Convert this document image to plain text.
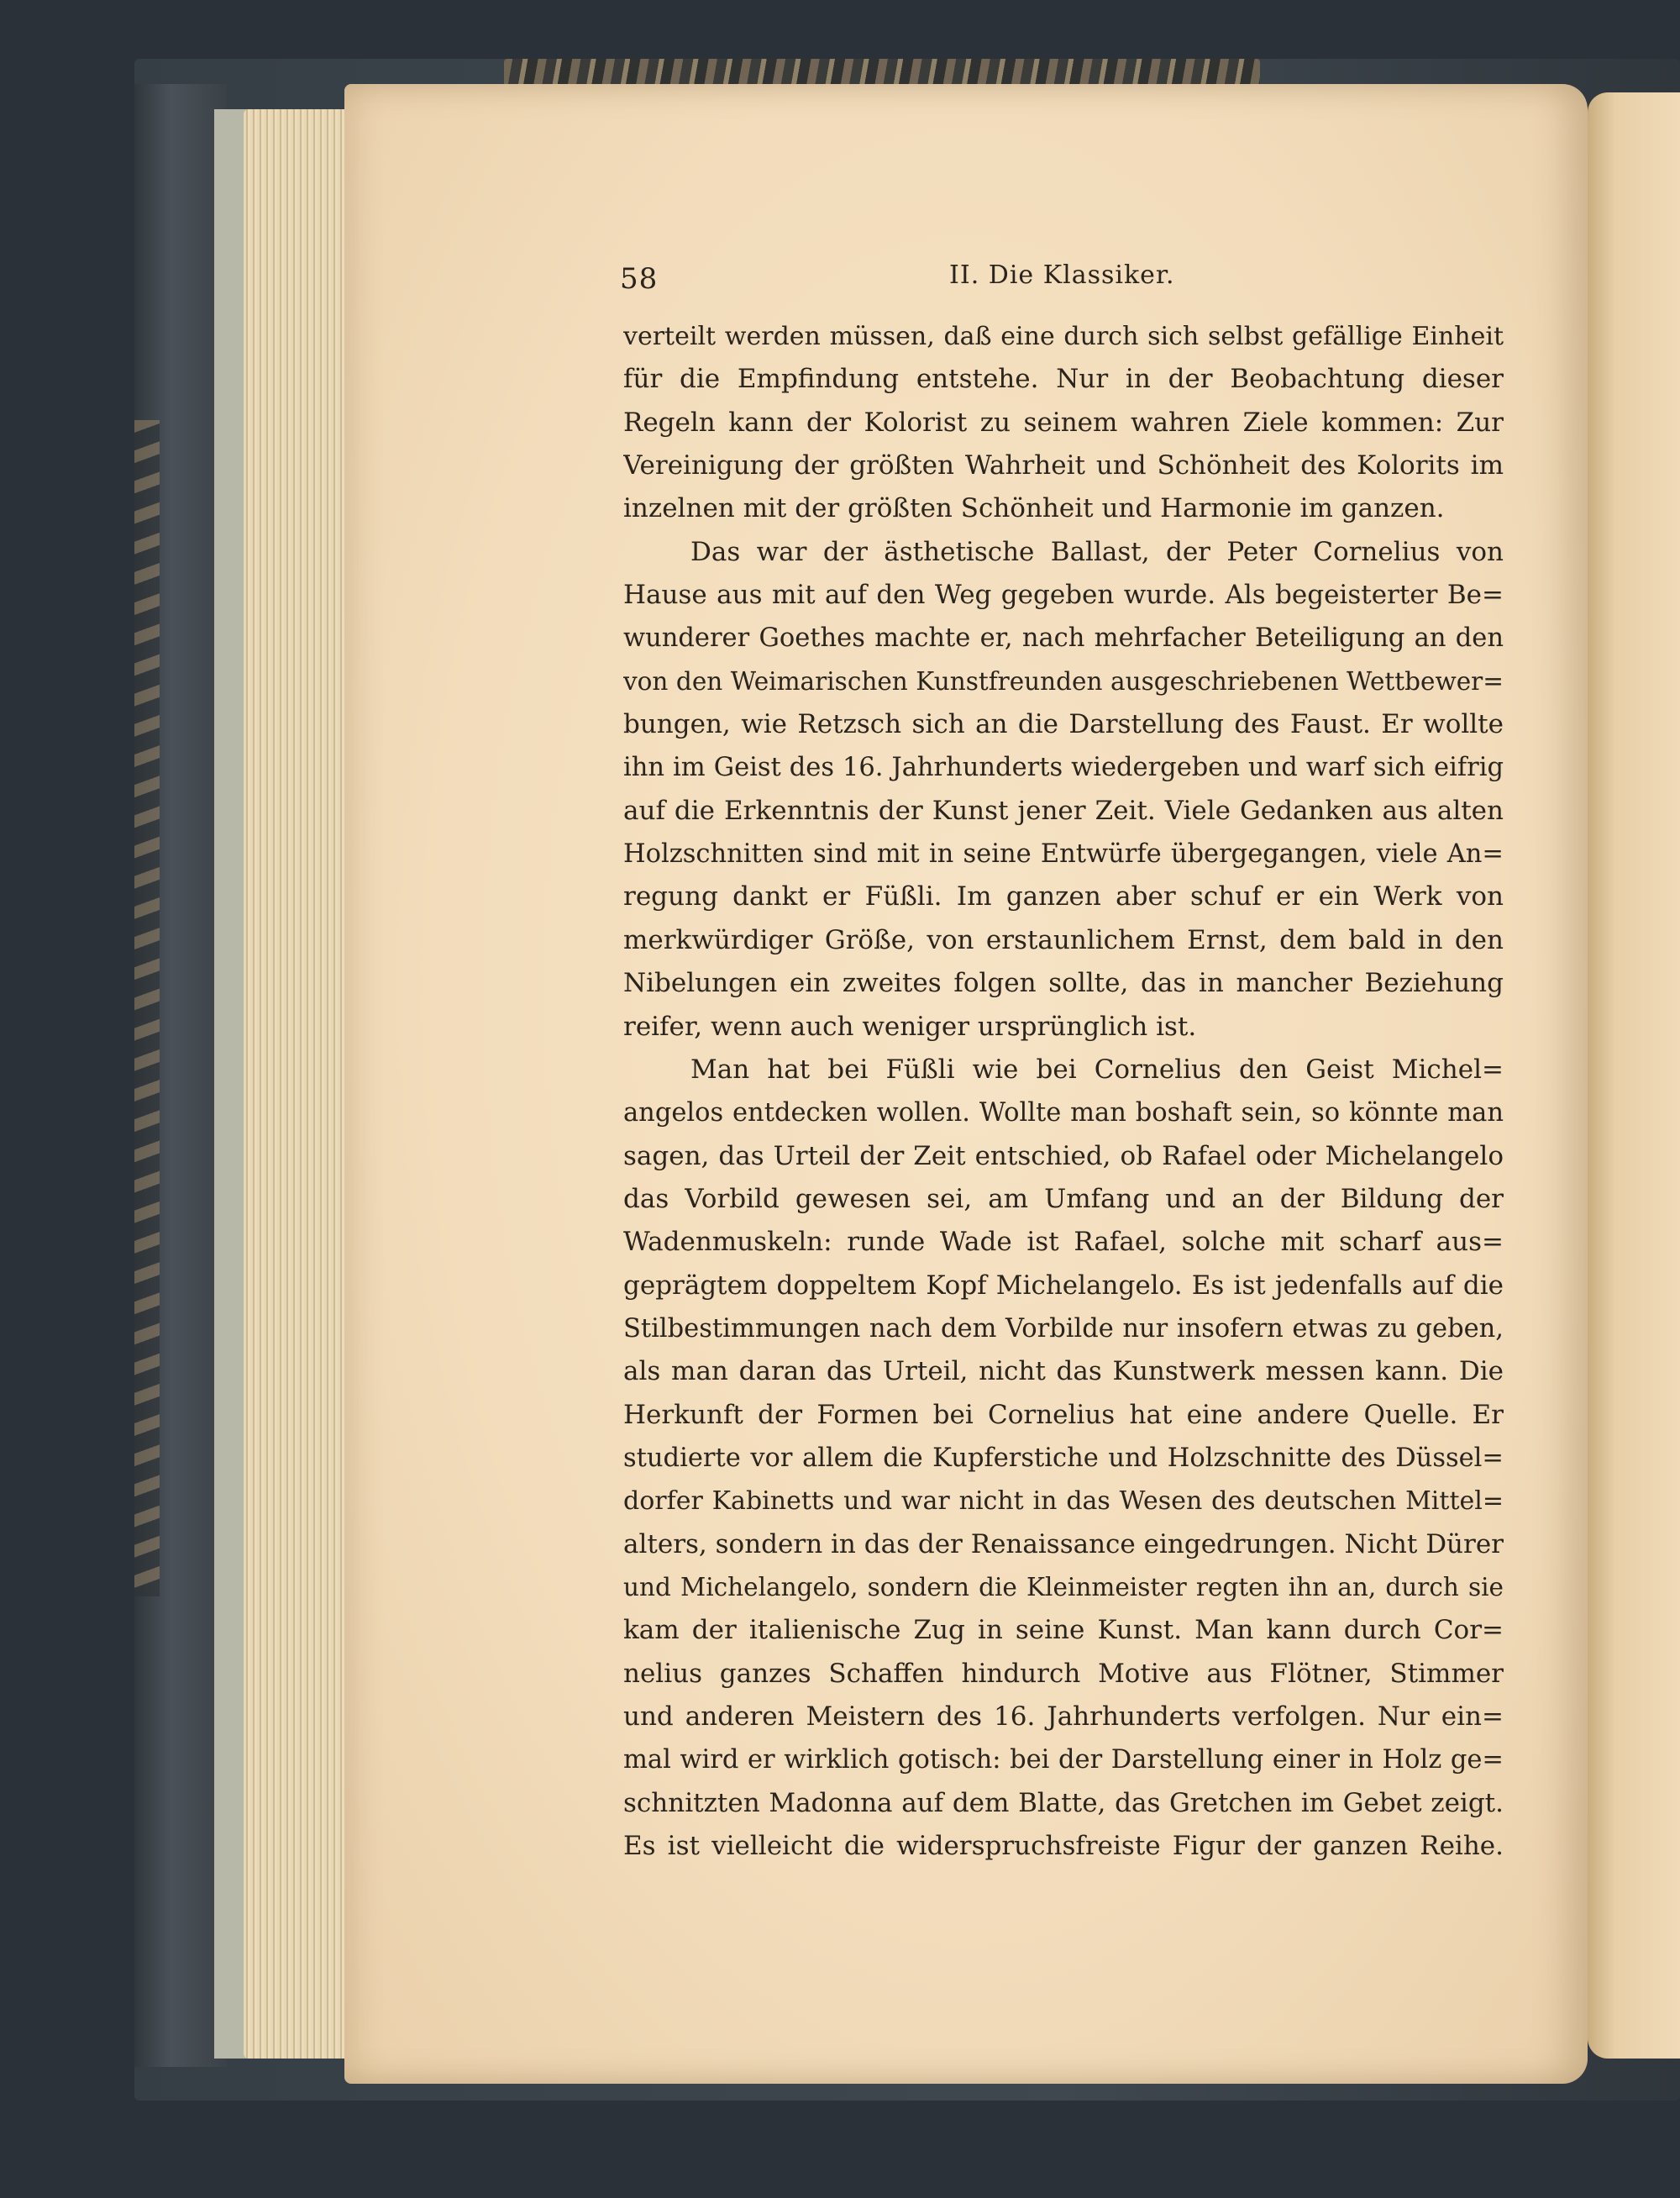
58	II. Die Klassiker.
verteilt werden müssen, daß eine durch sich selbst gefällige Einheit
für die Empfindung entstehe. Nur in der Beobachtung dieser
Regeln kann der Kolorist zu seinem wahren Ziele kommen: Zur
Vereinigung der größten Wahrheit und Schönheit des Kolorits im
inzelnen mit der größten Schönheit und Harmonie im ganzen.
Das war der ästhetische Ballast, der Peter Cornelius von
Hause aus mit auf den Weg gegeben wurde. Als begeisterter Be=
wunderer Goethes machte er, nach mehrfacher Beteiligung an den
von den Weimarischen Kunstfreunden ausgeschriebenen Wettbewer=
bungen, wie Retzsch sich an die Darstellung des Faust. Er wollte
ihn im Geist des 16. Jahrhunderts wiedergeben und warf sich eifrig
auf die Erkenntnis der Kunst jener Zeit. Viele Gedanken aus alten
Holzschnitten sind mit in seine Entwürfe übergegangen, viele An=
regung dankt er Füßli. Im ganzen aber schuf er ein Werk von
merkwürdiger Größe, von erstaunlichem Ernst, dem bald in den
Nibelungen ein zweites folgen sollte, das in mancher Beziehung
reifer, wenn auch weniger ursprünglich ist.
Man hat bei Füßli wie bei Cornelius den Geist Michel=
angelos entdecken wollen. Wollte man boshaft sein, so könnte man
sagen, das Urteil der Zeit entschied, ob Rafael oder Michelangelo
das Vorbild gewesen sei, am Umfang und an der Bildung der
Wadenmuskeln: runde Wade ist Rafael, solche mit scharf aus=
geprägtem doppeltem Kopf Michelangelo. Es ist jedenfalls auf die
Stilbestimmungen nach dem Vorbilde nur insofern etwas zu geben,
als man daran das Urteil, nicht das Kunstwerk messen kann. Die
Herkunft der Formen bei Cornelius hat eine andere Quelle. Er
studierte vor allem die Kupferstiche und Holzschnitte des Düssel=
dorfer Kabinetts und war nicht in das Wesen des deutschen Mittel=
alters, sondern in das der Renaissance eingedrungen. Nicht Dürer
und Michelangelo, sondern die Kleinmeister regten ihn an, durch sie
kam der italienische Zug in seine Kunst. Man kann durch Cor=
nelius ganzes Schaffen hindurch Motive aus Flötner, Stimmer
und anderen Meistern des 16. Jahrhunderts verfolgen. Nur ein=
mal wird er wirklich gotisch: bei der Darstellung einer in Holz ge=
schnitzten Madonna auf dem Blatte, das Gretchen im Gebet zeigt.
Es ist vielleicht die widerspruchsfreiste Figur der ganzen Reihe.
